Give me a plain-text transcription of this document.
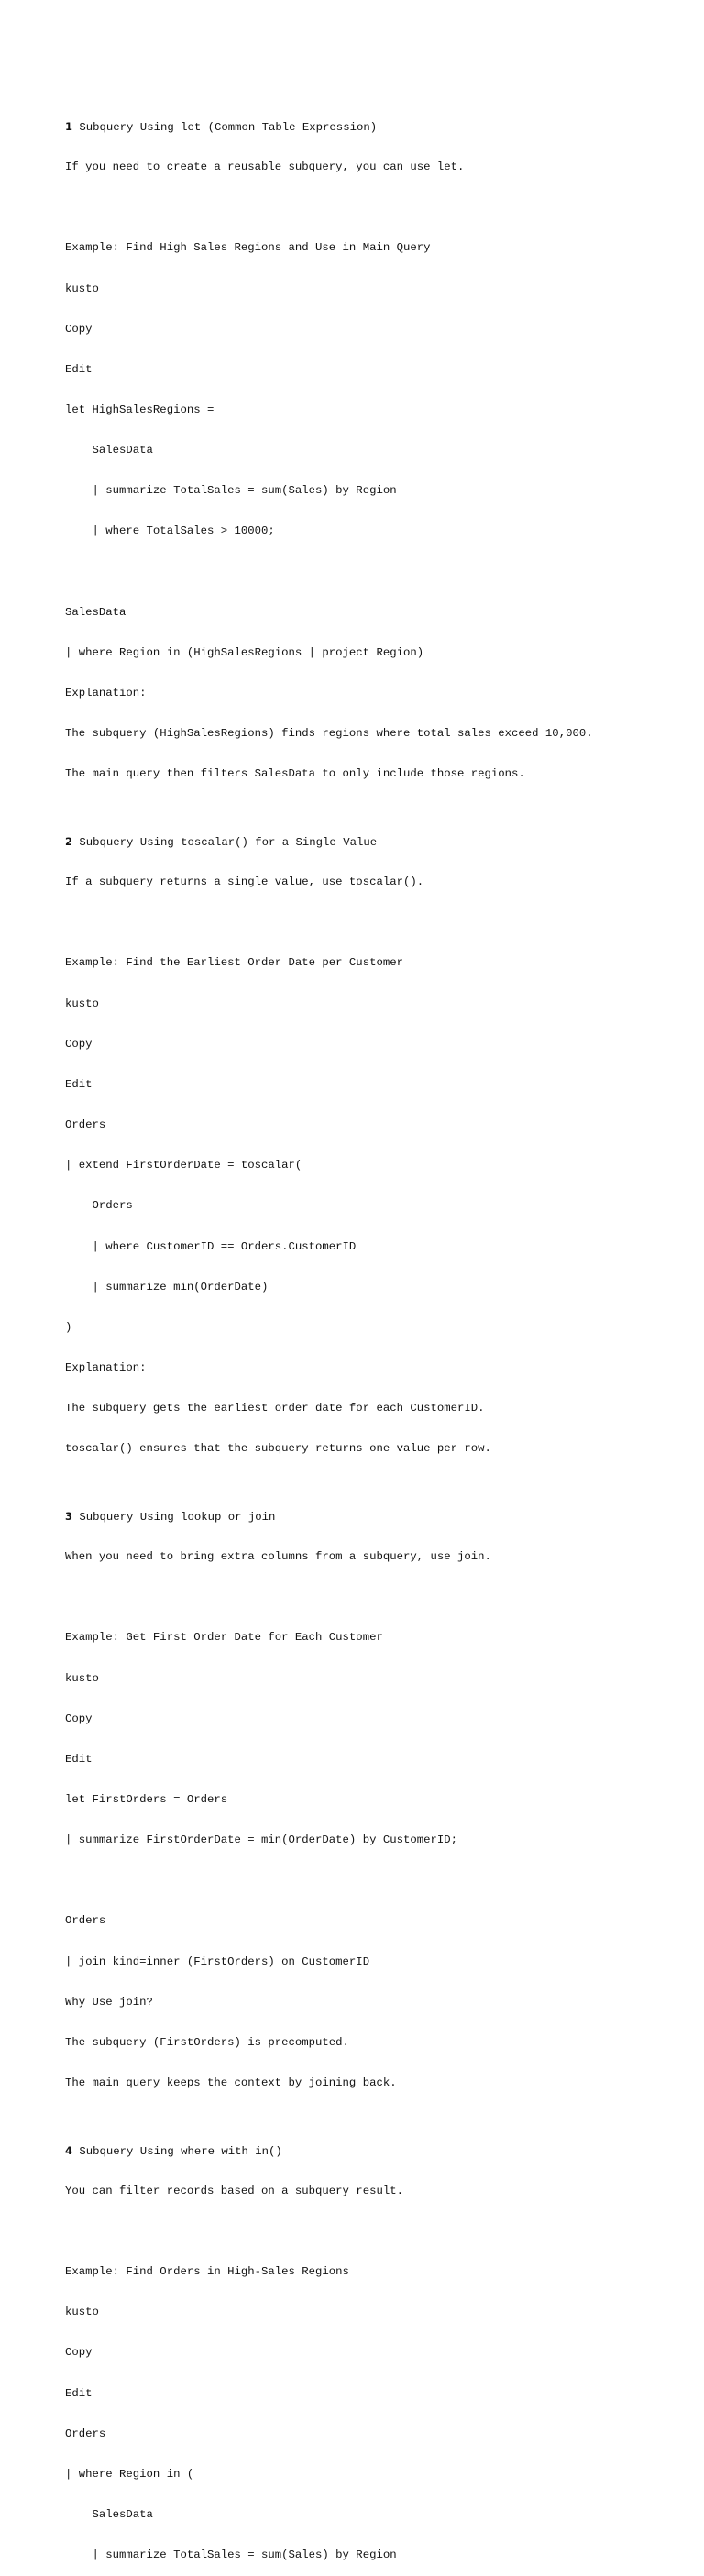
1 Subquery Using let (Common Table Expression)

If you need to create a reusable subquery, you can use let.

Example: Find High Sales Regions and Use in Main Query

kusto

Copy

Edit

let HighSalesRegions =

SalesData

| summarize TotalSales = sum(Sales) by Region

| where TotalSales > 10000;

SalesData

| where Region in (HighSalesRegions | project Region)

Explanation:

The subquery (HighSalesRegions) finds regions where total sales exceed 10,000.

The main query then filters SalesData to only include those regions.

2 Subquery Using toscalar() for a Single Value

If a subquery returns a single value, use toscalar().

Example: Find the Earliest Order Date per Customer

kusto

Copy

Edit

Orders

| extend FirstOrderDate = toscalar(

Orders

| where CustomerID == Orders.CustomerID

| summarize min(OrderDate)

)

Explanation:

The subquery gets the earliest order date for each CustomerID.

toscalar() ensures that the subquery returns one value per row.

3 Subquery Using lookup or join

When you need to bring extra columns from a subquery, use join.

Example: Get First Order Date for Each Customer

kusto

Copy

Edit

let FirstOrders = Orders

| summarize FirstOrderDate = min(OrderDate) by CustomerID;

Orders

| join kind=inner (FirstOrders) on CustomerID

Why Use join?

The subquery (FirstOrders) is precomputed.

The main query keeps the context by joining back.

4 Subquery Using where with in()

You can filter records based on a subquery result.

Example: Find Orders in High-Sales Regions

kusto

Copy

Edit

Orders

| where Region in (

SalesData

| summarize TotalSales = sum(Sales) by Region
